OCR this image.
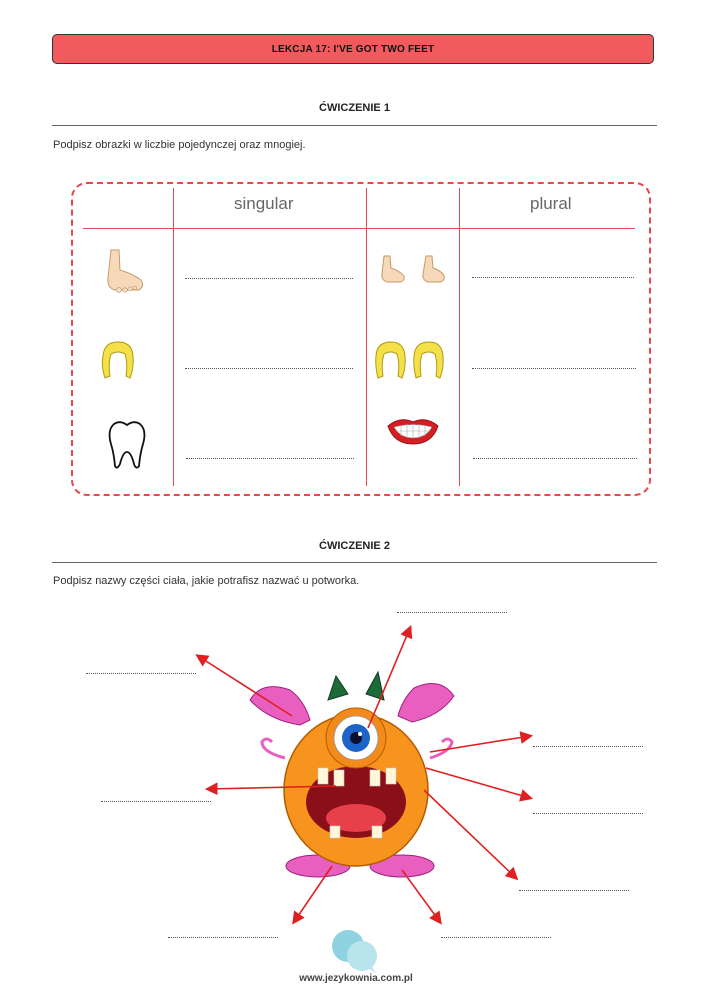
LEKCJA 17: I'VE GOT TWO FEET
ĆWICZENIE 1
Podpisz obrazki w liczbie pojedynczej oraz mnogiej.
singular	plural
ĆWICZENIE 2
Podpisz nazwy części ciała, jakie potrafisz nazwać u potworka.
www.jezykownia.com.pl
